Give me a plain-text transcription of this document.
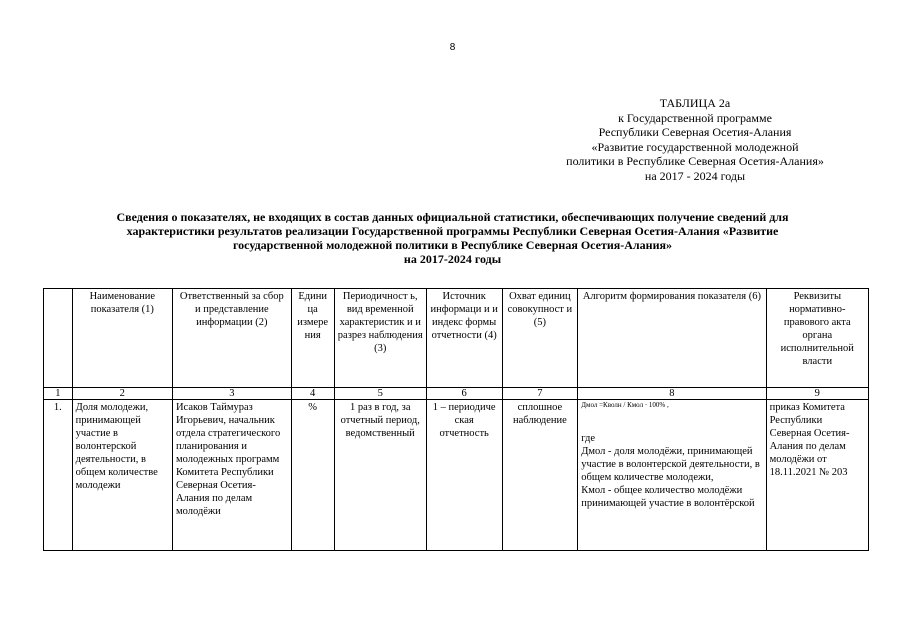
8
ТАБЛИЦА 2а
к Государственной программе
Республики Северная Осетия-Алания
«Развитие государственной молодежной
политики в Республике Северная Осетия-Алания»
на 2017 - 2024 годы
Сведения о показателях, не входящих в состав данных официальной статистики, обеспечивающих получение сведений для
характеристики результатов реализации Государственной программы Республики Северная Осетия-Алания «Развитие
государственной молодежной политики в Республике Северная Осетия-Алания»
на 2017-2024 годы
	Наименование показателя (1)	Ответственный за сбор и представление информации (2)	Едини ца измере ния	Периодичност ь, вид временной характеристик и и разрез наблюдения (3)	Источник информаци и и индекс формы отчетности (4)	Охват единиц совокупност и (5)	Алгоритм формирования показателя (6)	Реквизиты нормативно-правового акта органа исполнительной власти
1	2	3	4	5	6	7	8	9
1.	Доля молодежи, принимающей участие в волонтерской деятельности, в общем количестве молодежи	Исаков Таймураз Игорьевич, начальник отдела стратегического планирования и молодежных программ Комитета Республики Северная Осетия-Алания по делам молодёжи	%	1 раз в год, за отчетный период, ведомственный	1 – периодиче ская отчетность	сплошное наблюдение	Дмол =Кволн / Кмол · 100% ,
где
Дмол - доля молодёжи, принимающей участие в волонтерской деятельности, в общем количестве молодежи,
Кмол - общее количество молодёжи принимающей участие в волонтёрской	приказ Комитета Республики Северная Осетия-Алания по делам молодёжи от 18.11.2021 № 203
